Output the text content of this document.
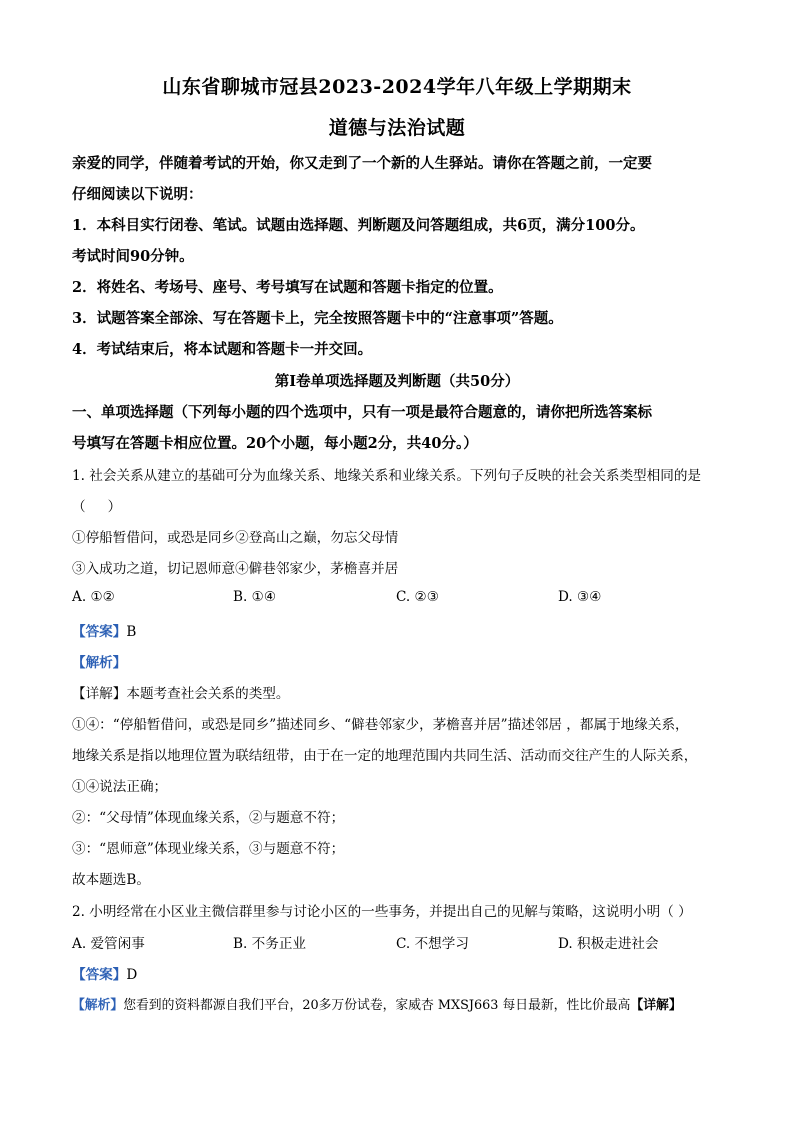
山东省聊城市冠县2023-2024学年八年级上学期期末
道德与法治试题
亲爱的同学，伴随着考试的开始，你又走到了一个新的人生驿站。请你在答题之前，一定要
仔细阅读以下说明：
1．本科目实行闭卷、笔试。试题由选择题、判断题及问答题组成，共6页，满分100分。
考试时间90分钟。
2．将姓名、考场号、座号、考号填写在试题和答题卡指定的位置。
3．试题答案全部涂、写在答题卡上，完全按照答题卡中的“注意事项”答题。
4．考试结束后，将本试题和答题卡一并交回。
第Ⅰ卷单项选择题及判断题（共50分）
一、单项选择题（下列每小题的四个选项中，只有一项是最符合题意的，请你把所选答案标
号填写在答题卡相应位置。20个小题，每小题2分，共40分。）
1. 社会关系从建立的基础可分为血缘关系、地缘关系和业缘关系。下列句子反映的社会关系类型相同的是
（ ）
①停船暂借问，或恐是同乡②登高山之巅，勿忘父母情
③入成功之道，切记恩师意④僻巷邻家少，茅檐喜并居
A. ①②	B. ①④	C. ②③	D. ③④
【答案】B
【解析】
【详解】本题考查社会关系的类型。
①④：“停船暂借问，或恐是同乡”描述同乡、“僻巷邻家少，茅檐喜并居”描述邻居 ，都属于地缘关系，
地缘关系是指以地理位置为联结纽带，由于在一定的地理范围内共同生活、活动而交往产生的人际关系，
①④说法正确；
②：“父母情”体现血缘关系，②与题意不符；
③：“恩师意”体现业缘关系，③与题意不符；
故本题选B。
2. 小明经常在小区业主微信群里参与讨论小区的一些事务，并提出自己的见解与策略，这说明小明（ ）
A. 爱管闲事	B. 不务正业	C. 不想学习	D. 积极走进社会
【答案】D
【解析】您看到的资料都源自我们平台，20多万份试卷，家威杏 MXSJ663 每日最新，性比价最高【详解】
